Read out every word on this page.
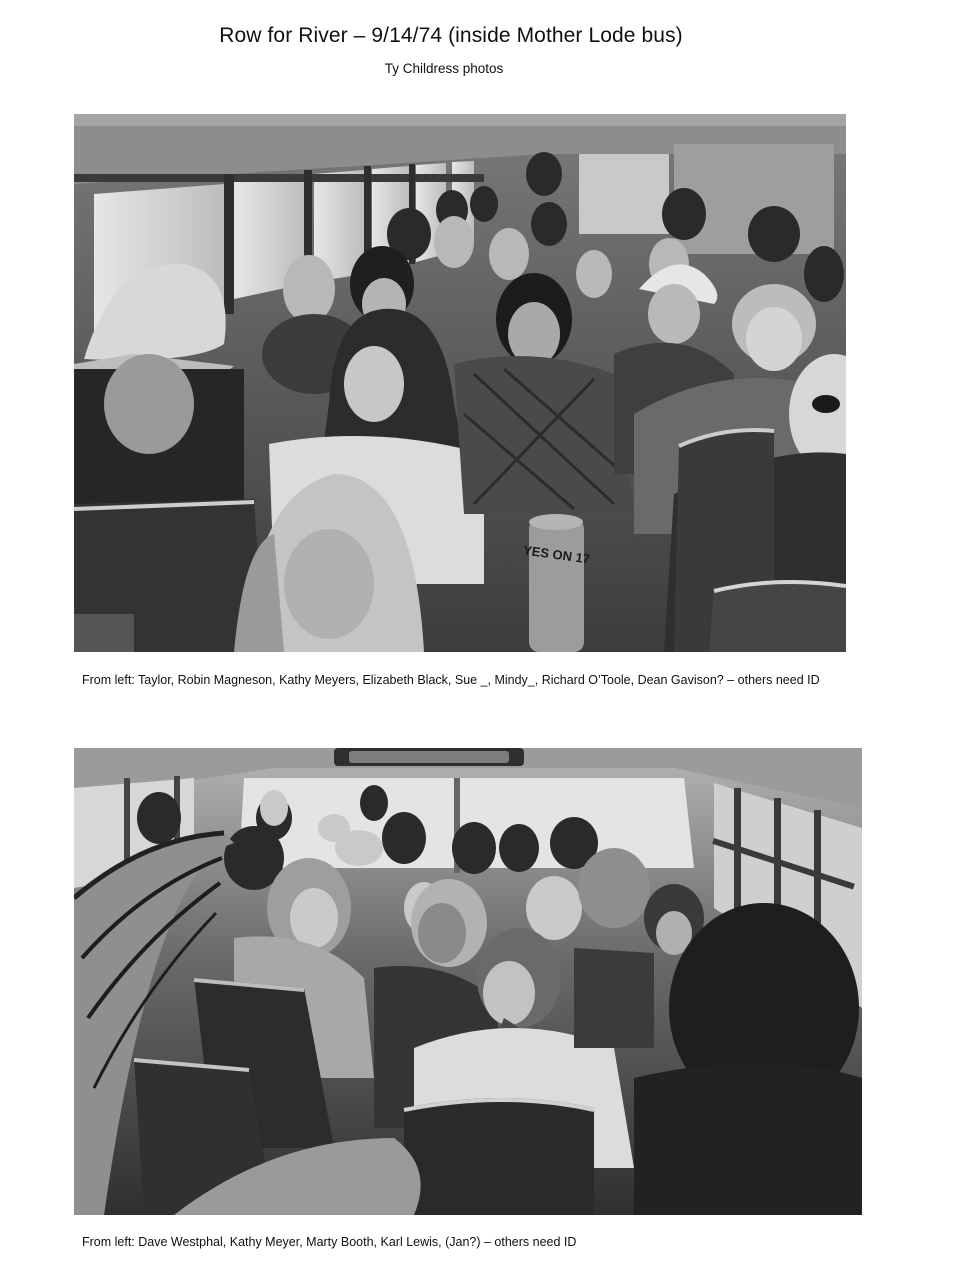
Row for River – 9/14/74 (inside Mother Lode bus)
Ty Childress photos
YES ON 17
From left: Taylor, Robin Magneson, Kathy Meyers, Elizabeth Black, Sue _, Mindy_, Richard O’Toole, Dean Gavison? – others need ID
From left: Dave Westphal, Kathy Meyer, Marty Booth, Karl Lewis, (Jan?) – others need ID
